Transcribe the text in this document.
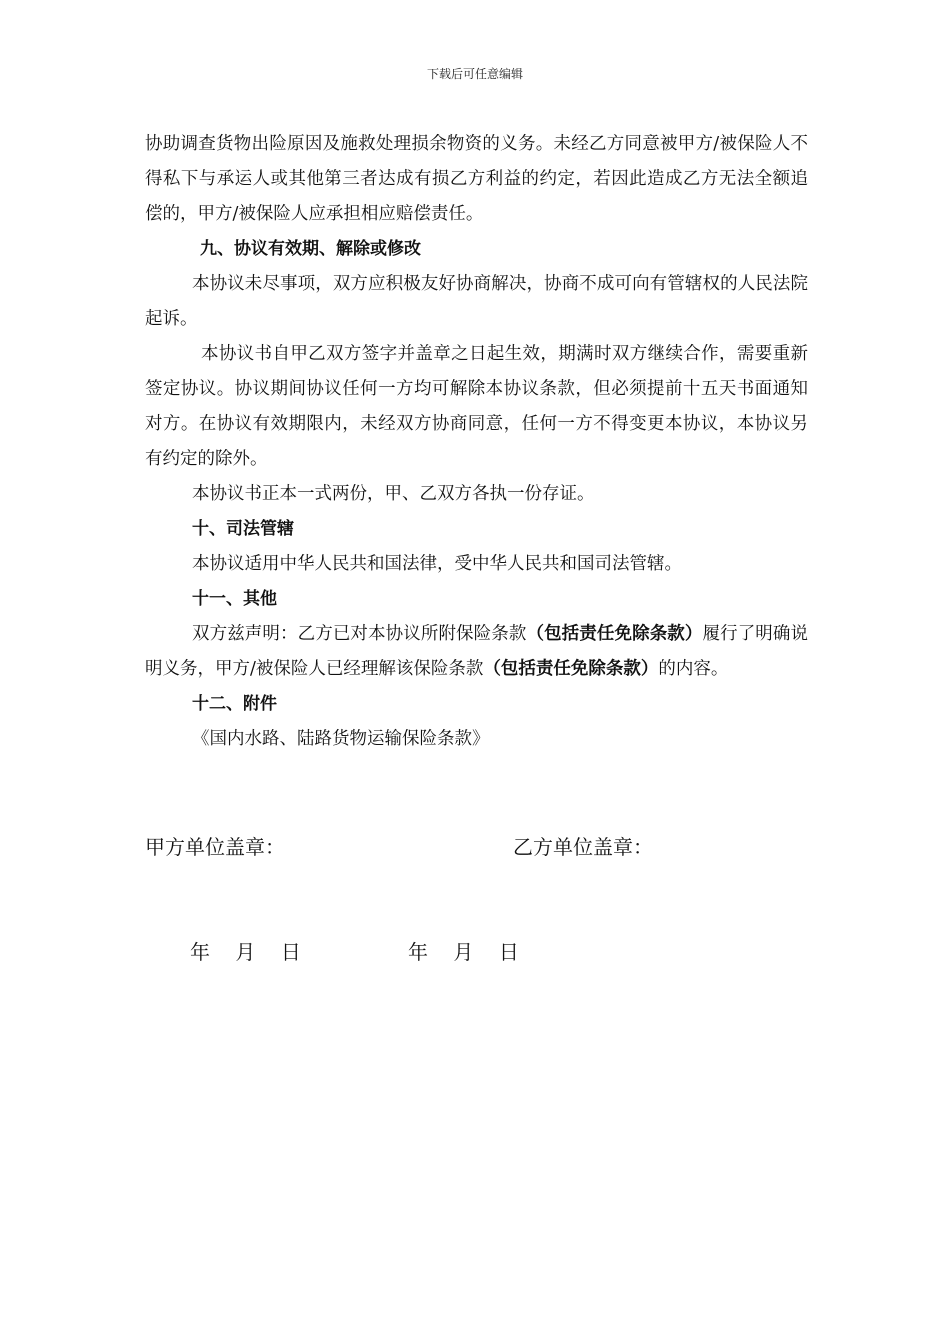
下载后可任意编辑

协助调查货物出险原因及施救处理损余物资的义务。未经乙方同意被甲方/被保险人不得私下与承运人或其他第三者达成有损乙方利益的约定，若因此造成乙方无法全额追偿的，甲方/被保险人应承担相应赔偿责任。

九、协议有效期、解除或修改

本协议未尽事项，双方应积极友好协商解决，协商不成可向有管辖权的人民法院起诉。

本协议书自甲乙双方签字并盖章之日起生效，期满时双方继续合作，需要重新签定协议。协议期间协议任何一方均可解除本协议条款，但必须提前十五天书面通知对方。在协议有效期限内，未经双方协商同意，任何一方不得变更本协议，本协议另有约定的除外。

本协议书正本一式两份，甲、乙双方各执一份存证。

十、司法管辖

本协议适用中华人民共和国法律，受中华人民共和国司法管辖。

十一、其他

双方兹声明：乙方已对本协议所附保险条款（包括责任免除条款）履行了明确说明义务，甲方/被保险人已经理解该保险条款（包括责任免除条款）的内容。

十二、附件

《国内水路、陆路货物运输保险条款》

甲方单位盖章：	乙方单位盖章：
年    月    日	年    月    日
